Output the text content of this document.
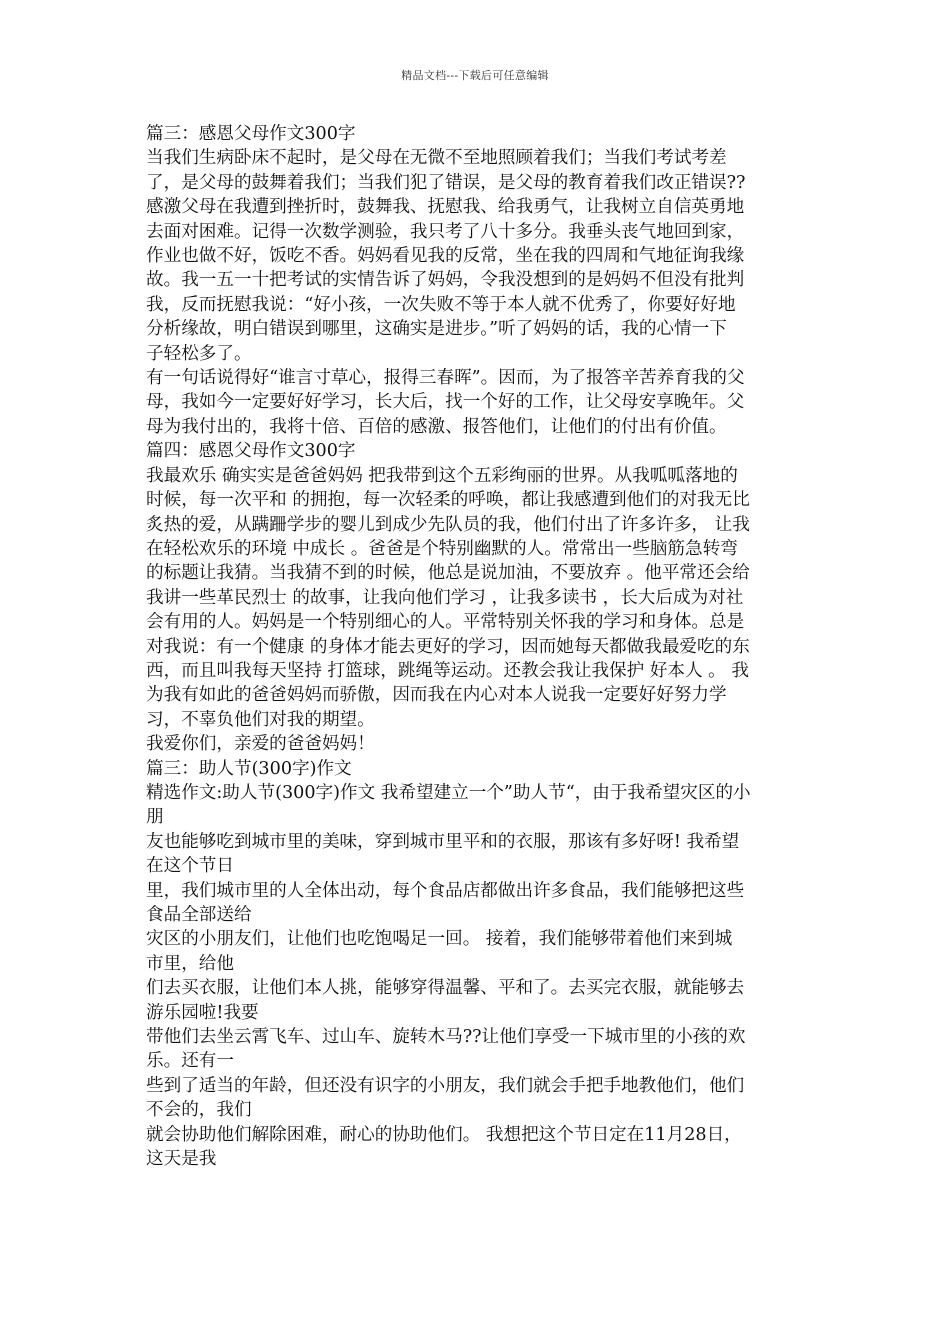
精品文档---下载后可任意编辑
篇三：感恩父母作文300字
当我们生病卧床不起时，是父母在无微不至地照顾着我们；当我们考试考差
了，是父母的鼓舞着我们；当我们犯了错误，是父母的教育着我们改正错误??
感激父母在我遭到挫折时，鼓舞我、抚慰我、给我勇气，让我树立自信英勇地
去面对困难。记得一次数学测验，我只考了八十多分。我垂头丧气地回到家，
作业也做不好，饭吃不香。妈妈看见我的反常，坐在我的四周和气地征询我缘
故。我一五一十把考试的实情告诉了妈妈，令我没想到的是妈妈不但没有批判
我，反而抚慰我说：“好小孩，一次失败不等于本人就不优秀了，你要好好地
分析缘故，明白错误到哪里，这确实是进步。”听了妈妈的话，我的心情一下
子轻松多了。
有一句话说得好“谁言寸草心，报得三春晖”。因而，为了报答辛苦养育我的父
母，我如今一定要好好学习，长大后，找一个好的工作，让父母安享晚年。父
母为我付出的，我将十倍、百倍的感激、报答他们，让他们的付出有价值。
篇四：感恩父母作文300字
我最欢乐 确实实是爸爸妈妈 把我带到这个五彩绚丽的世界。从我呱呱落地的
时候，每一次平和 的拥抱，每一次轻柔的呼唤，都让我感遭到他们的对我无比
炙热的爱，从蹒跚学步的婴儿到成少先队员的我，他们付出了许多许多， 让我
在轻松欢乐的环境 中成长 。爸爸是个特别幽默的人。常常出一些脑筋急转弯
的标题让我猜。当我猜不到的时候，他总是说加油，不要放弃 。他平常还会给
我讲一些革民烈士 的故事，让我向他们学习 ，让我多读书 ，长大后成为对社
会有用的人。妈妈是一个特别细心的人。平常特别关怀我的学习和身体。总是
对我说：有一个健康 的身体才能去更好的学习，因而她每天都做我最爱吃的东
西，而且叫我每天坚持 打篮球，跳绳等运动。还教会我让我保护 好本人 。 我
为我有如此的爸爸妈妈而骄傲，因而我在内心对本人说我一定要好好努力学
习，不辜负他们对我的期望。
我爱你们，亲爱的爸爸妈妈！
篇三：助人节(300字)作文
精选作文:助人节(300字)作文 我希望建立一个”助人节“，由于我希望灾区的小
朋
友也能够吃到城市里的美味，穿到城市里平和的衣服，那该有多好呀! 我希望
在这个节日
里，我们城市里的人全体出动，每个食品店都做出许多食品，我们能够把这些
食品全部送给
灾区的小朋友们，让他们也吃饱喝足一回。 接着，我们能够带着他们来到城
市里，给他
们去买衣服，让他们本人挑，能够穿得温馨、平和了。去买完衣服，就能够去
游乐园啦!我要
带他们去坐云霄飞车、过山车、旋转木马??让他们享受一下城市里的小孩的欢
乐。还有一
些到了适当的年龄，但还没有识字的小朋友，我们就会手把手地教他们，他们
不会的，我们
就会协助他们解除困难，耐心的协助他们。 我想把这个节日定在11月28日，
这天是我
